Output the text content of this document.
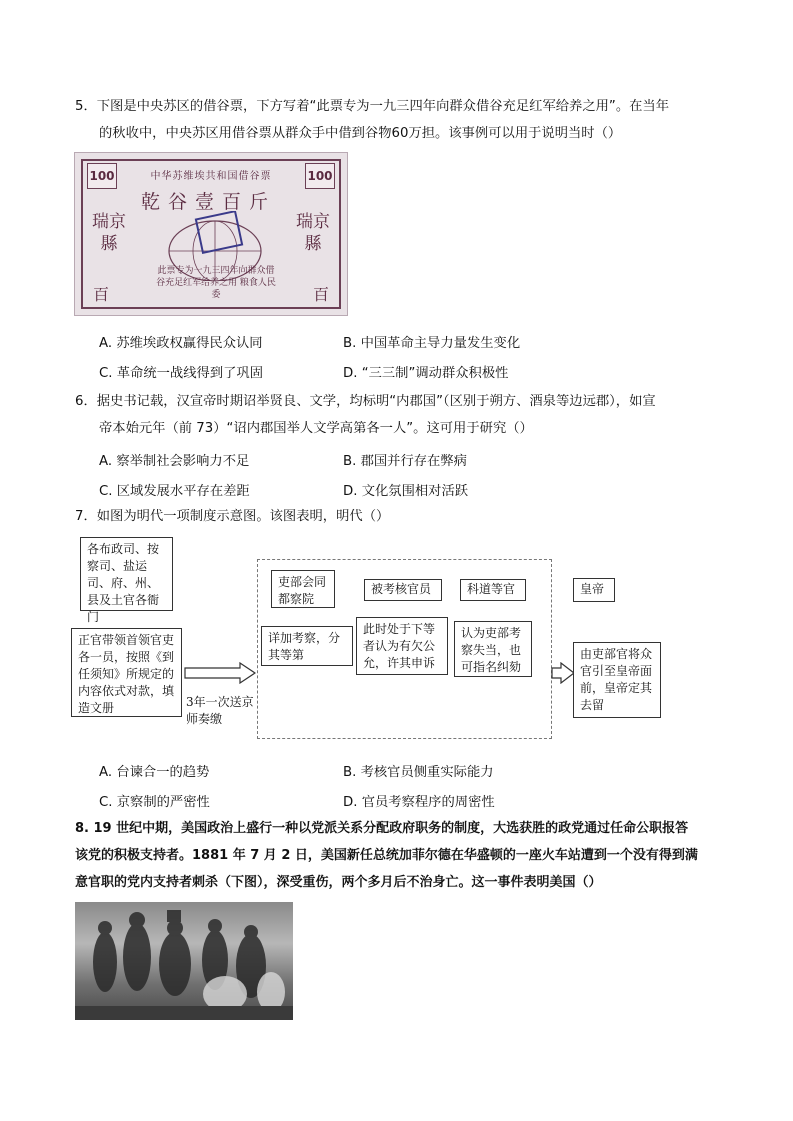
5．下图是中央苏区的借谷票，下方写着“此票专为一九三四年向群众借谷充足红军给养之用”。在当年

的秋收中，中央苏区用借谷票从群众手中借到谷物60万担。该事例可以用于说明当时（）
100	100
中华苏维埃共和国借谷票
乾谷壹百斤
瑞京縣
瑞京縣
此票专为一九三四年向群众借谷充足红军给养之用 粮食人民委
百	百
A. 苏维埃政权赢得民众认同	B. 中国革命主导力量发生变化
C. 革命统一战线得到了巩固	D. “三三制”调动群众积极性
6．据史书记载，汉宣帝时期诏举贤良、文学，均标明“内郡国”（区别于朔方、酒泉等边远郡），如宣

帝本始元年（前 73）“诏内郡国举人文学高第各一人”。这可用于研究（）
A. 察举制社会影响力不足	B. 郡国并行存在弊病
C. 区域发展水平存在差距	D. 文化氛围相对活跃
7．如图为明代一项制度示意图。该图表明，明代（）
各布政司、按察司、盐运司、府、州、县及土官各衙门
正官带领首领官吏各一员，按照《到任须知》所规定的内容依式对款，填造文册	3年一次送京师奏缴
吏部会同都察院
详加考察，分其等第
被考核官员
此时处于下等者认为有欠公允，许其申诉
科道等官
认为吏部考察失当，也可指名纠劾
皇帝
由吏部官将众官引至皇帝面前，皇帝定其去留
A. 台谏合一的趋势	B. 考核官员侧重实际能力
C. 京察制的严密性	D. 官员考察程序的周密性
8. 19 世纪中期，美国政治上盛行一种以党派关系分配政府职务的制度，大选获胜的政党通过任命公职报答
该党的积极支持者。1881 年 7 月 2 日，美国新任总统加菲尔德在华盛顿的一座火车站遭到一个没有得到满
意官职的党内支持者刺杀（下图），深受重伤，两个多月后不治身亡。这一事件表明美国（）
